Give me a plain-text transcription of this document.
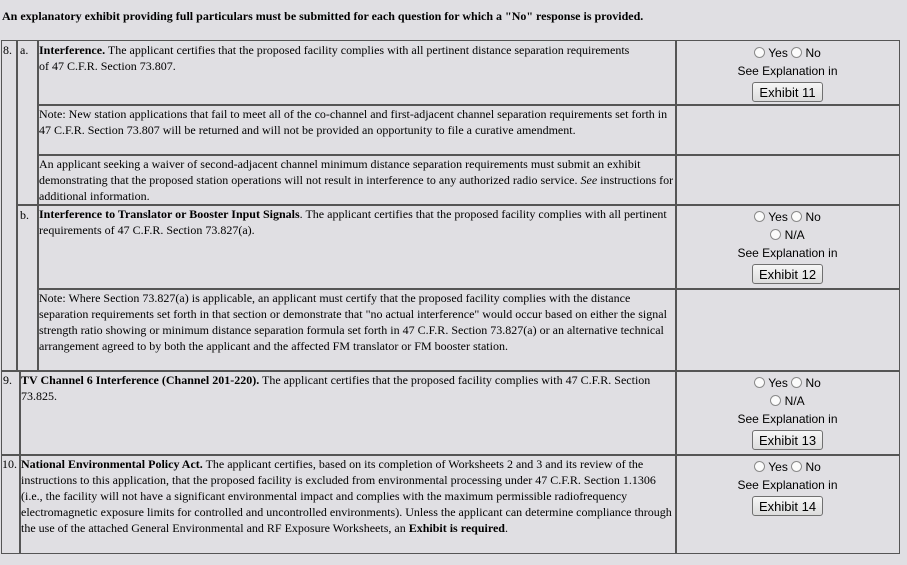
An explanatory exhibit providing full particulars must be submitted for each question for which a "No" response is provided.
8. a. Interference. The applicant certifies that the proposed facility complies with all pertinent distance separation requirements of 47 C.F.R. Section 73.807.
Yes No
See Explanation in
Exhibit 11
Note: New station applications that fail to meet all of the co-channel and first-adjacent channel separation requirements set forth in 47 C.F.R. Section 73.807 will be returned and will not be provided an opportunity to file a curative amendment.
An applicant seeking a waiver of second-adjacent channel minimum distance separation requirements must submit an exhibit demonstrating that the proposed station operations will not result in interference to any authorized radio service. See instructions for additional information.
b. Interference to Translator or Booster Input Signals. The applicant certifies that the proposed facility complies with all pertinent requirements of 47 C.F.R. Section 73.827(a).
Yes No
N/A
See Explanation in
Exhibit 12
Note: Where Section 73.827(a) is applicable, an applicant must certify that the proposed facility complies with the distance separation requirements set forth in that section or demonstrate that "no actual interference" would occur based on either the signal strength ratio showing or minimum distance separation formula set forth in 47 C.F.R. Section 73.827(a) or an alternative technical arrangement agreed to by both the applicant and the affected FM translator or FM booster station.
9. TV Channel 6 Interference (Channel 201-220). The applicant certifies that the proposed facility complies with 47 C.F.R. Section 73.825.
Yes No
N/A
See Explanation in
Exhibit 13
10. National Environmental Policy Act. The applicant certifies, based on its completion of Worksheets 2 and 3 and its review of the instructions to this application, that the proposed facility is excluded from environmental processing under 47 C.F.R. Section 1.1306 (i.e., the facility will not have a significant environmental impact and complies with the maximum permissible radiofrequency electromagnetic exposure limits for controlled and uncontrolled environments). Unless the applicant can determine compliance through the use of the attached General Environmental and RF Exposure Worksheets, an Exhibit is required.
Yes No
See Explanation in
Exhibit 14
